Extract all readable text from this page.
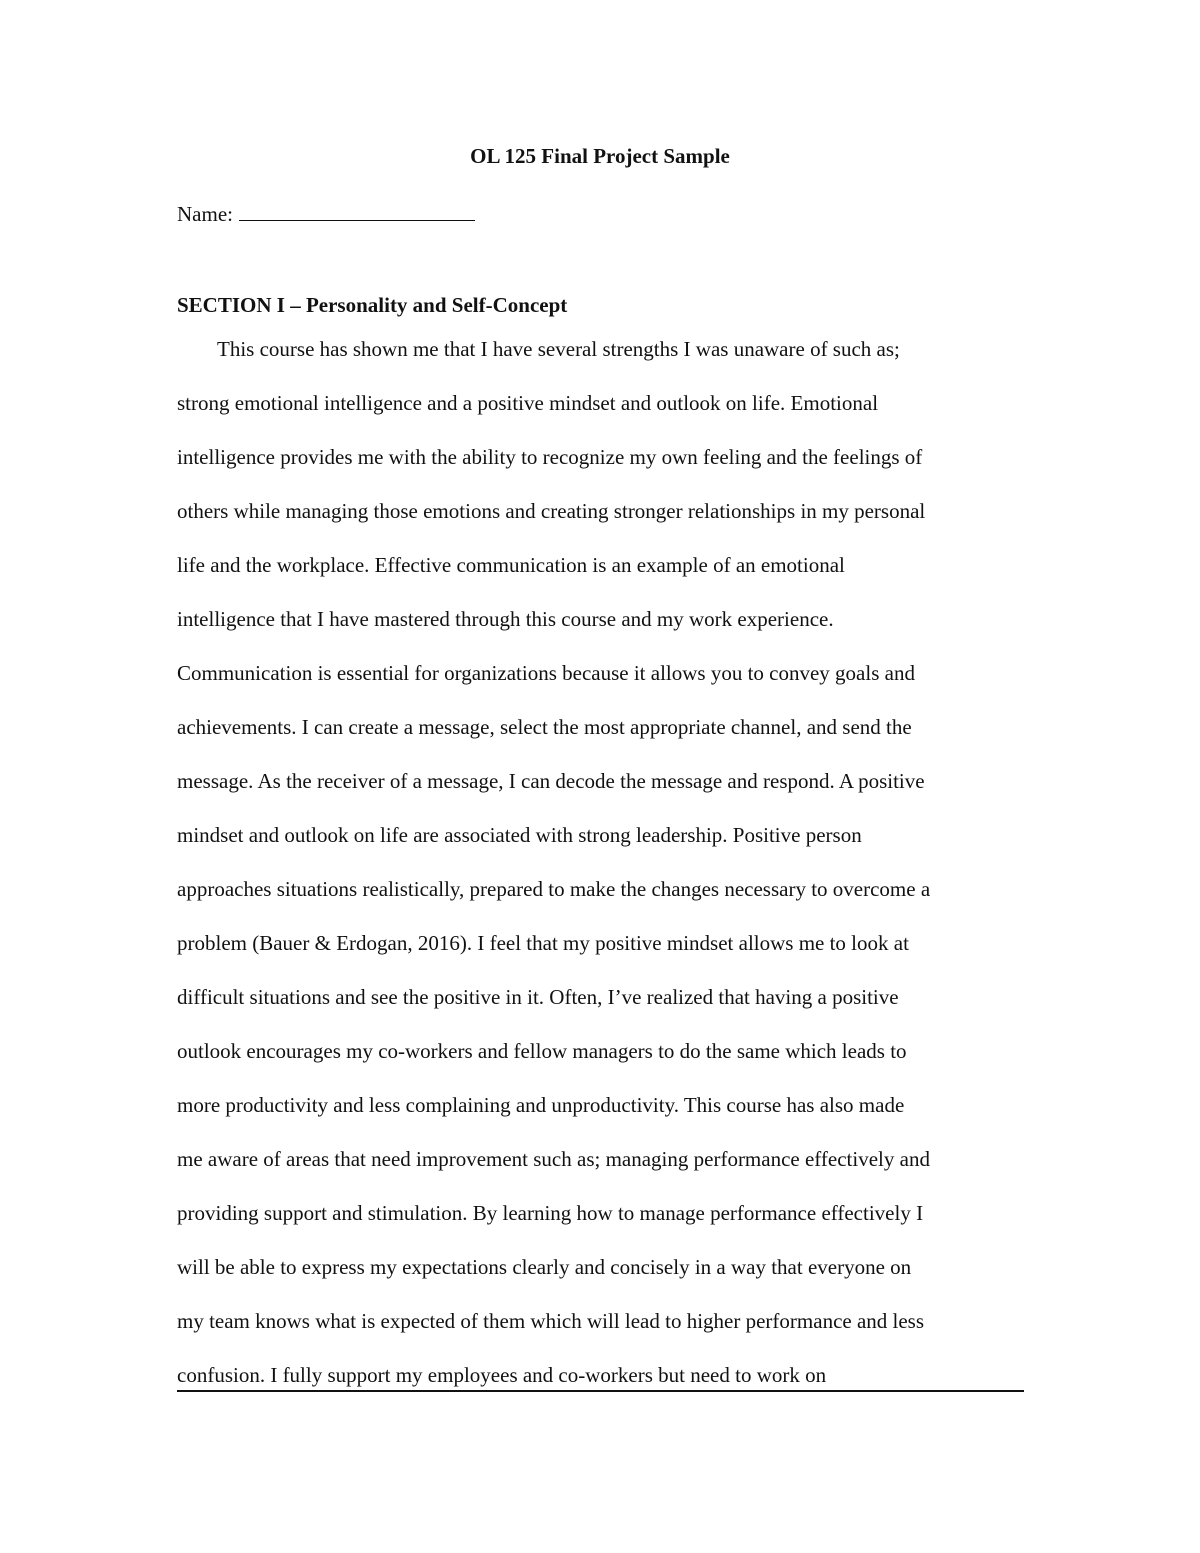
OL 125 Final Project Sample
Name:
SECTION I – Personality and Self-Concept
This course has shown me that I have several strengths I was unaware of such as;
strong emotional intelligence and a positive mindset and outlook on life. Emotional
intelligence provides me with the ability to recognize my own feeling and the feelings of
others while managing those emotions and creating stronger relationships in my personal
life and the workplace. Effective communication is an example of an emotional
intelligence that I have mastered through this course and my work experience.
Communication is essential for organizations because it allows you to convey goals and
achievements. I can create a message, select the most appropriate channel, and send the
message. As the receiver of a message, I can decode the message and respond. A positive
mindset and outlook on life are associated with strong leadership. Positive person
approaches situations realistically, prepared to make the changes necessary to overcome a
problem (Bauer & Erdogan, 2016). I feel that my positive mindset allows me to look at
difficult situations and see the positive in it. Often, I’ve realized that having a positive
outlook encourages my co-workers and fellow managers to do the same which leads to
more productivity and less complaining and unproductivity. This course has also made
me aware of areas that need improvement such as; managing performance effectively and
providing support and stimulation. By learning how to manage performance effectively I
will be able to express my expectations clearly and concisely in a way that everyone on
my team knows what is expected of them which will lead to higher performance and less
confusion. I fully support my employees and co-workers but need to work on
